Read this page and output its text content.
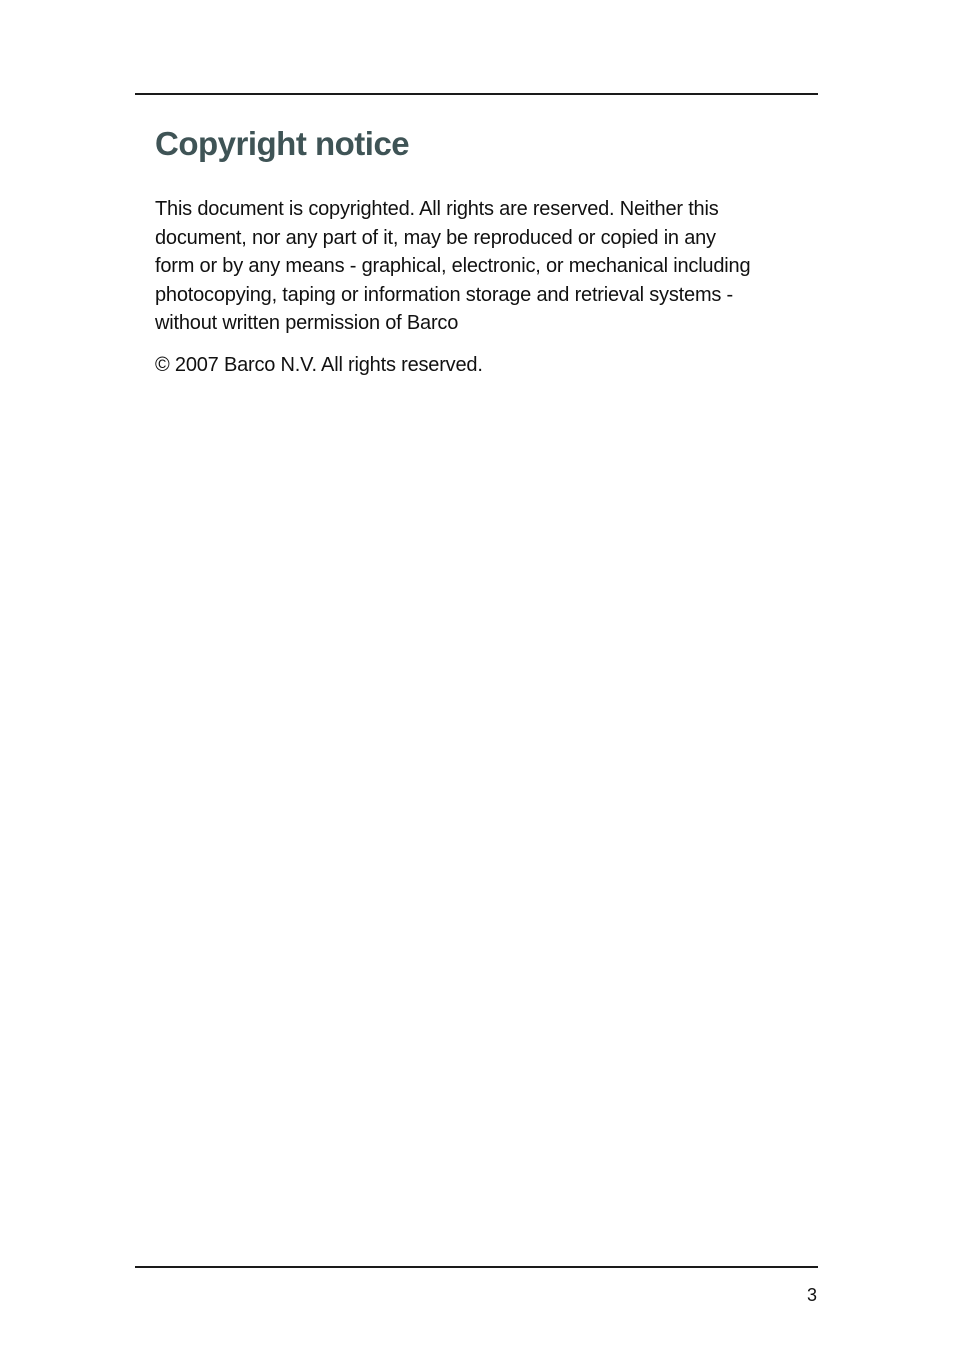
Copyright notice

This document is copyrighted. All rights are reserved. Neither this
document, nor any part of it, may be reproduced or copied in any
form or by any means - graphical, electronic, or mechanical including
photocopying, taping or information storage and retrieval systems -
without written permission of Barco

© 2007 Barco N.V. All rights reserved.

3
